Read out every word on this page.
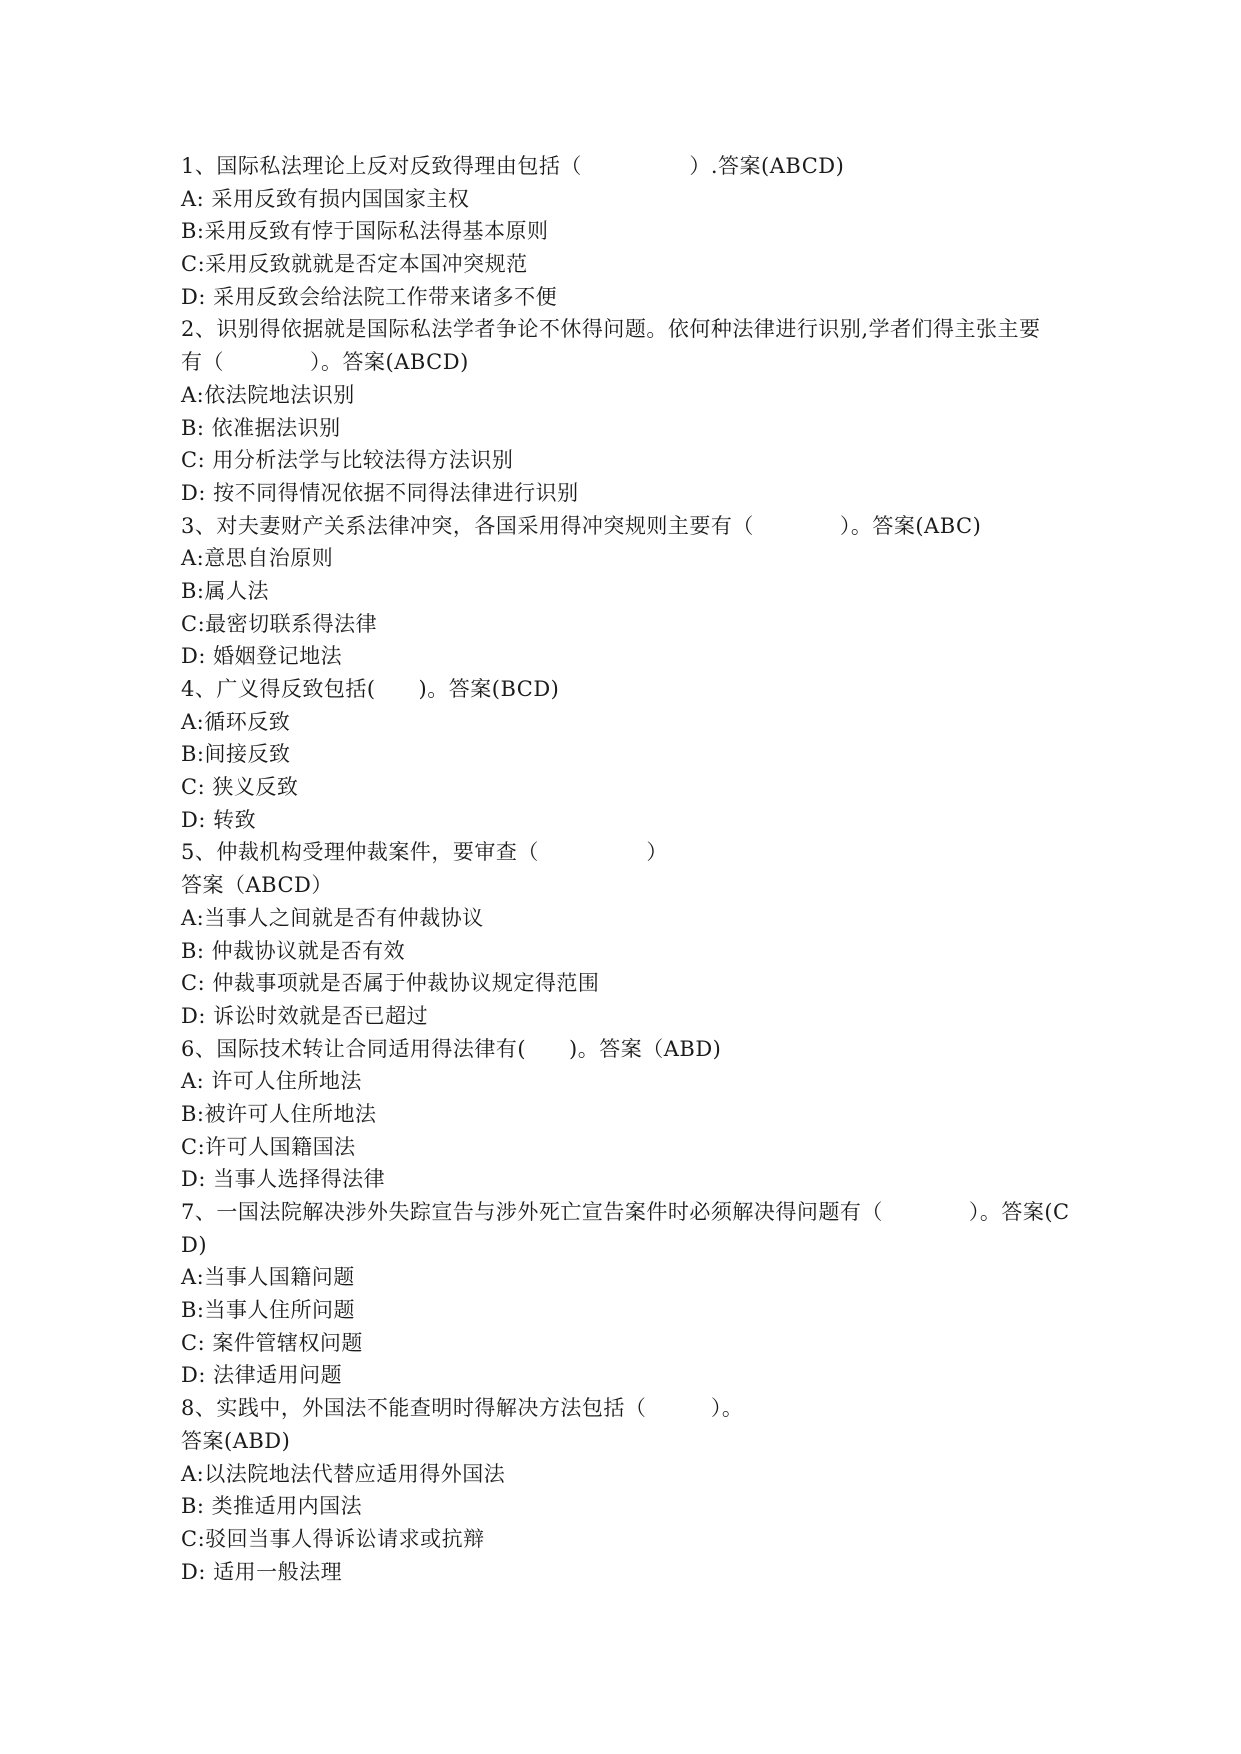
1、国际私法理论上反对反致得理由包括（　　　　　）.答案(ABCD)
A: 采用反致有损内国国家主权
B:采用反致有悖于国际私法得基本原则
C:采用反致就就是否定本国冲突规范
D: 采用反致会给法院工作带来诸多不便
2、识别得依据就是国际私法学者争论不休得问题。依何种法律进行识别,学者们得主张主要
有（　　　　）。答案(ABCD)
A:依法院地法识别
B: 依准据法识别
C: 用分析法学与比较法得方法识别
D: 按不同得情况依据不同得法律进行识别
3、对夫妻财产关系法律冲突，各国采用得冲突规则主要有（　　　　）。答案(ABC)
A:意思自治原则
B:属人法
C:最密切联系得法律
D: 婚姻登记地法
4、广义得反致包括(　　)。答案(BCD)
A:循环反致
B:间接反致
C: 狭义反致
D: 转致
5、仲裁机构受理仲裁案件，要审查（　　　　　）
答案（ABCD）
A:当事人之间就是否有仲裁协议
B: 仲裁协议就是否有效
C: 仲裁事项就是否属于仲裁协议规定得范围
D: 诉讼时效就是否已超过
6、国际技术转让合同适用得法律有(　　)。答案（ABD)
A: 许可人住所地法
B:被许可人住所地法
C:许可人国籍国法
D: 当事人选择得法律
7、一国法院解决涉外失踪宣告与涉外死亡宣告案件时必须解决得问题有（　　　　）。答案(C
D)
A:当事人国籍问题
B:当事人住所问题
C: 案件管辖权问题
D: 法律适用问题
8、实践中，外国法不能查明时得解决方法包括（　　　）。
答案(ABD)
A:以法院地法代替应适用得外国法
B: 类推适用内国法
C:驳回当事人得诉讼请求或抗辩
D: 适用一般法理
